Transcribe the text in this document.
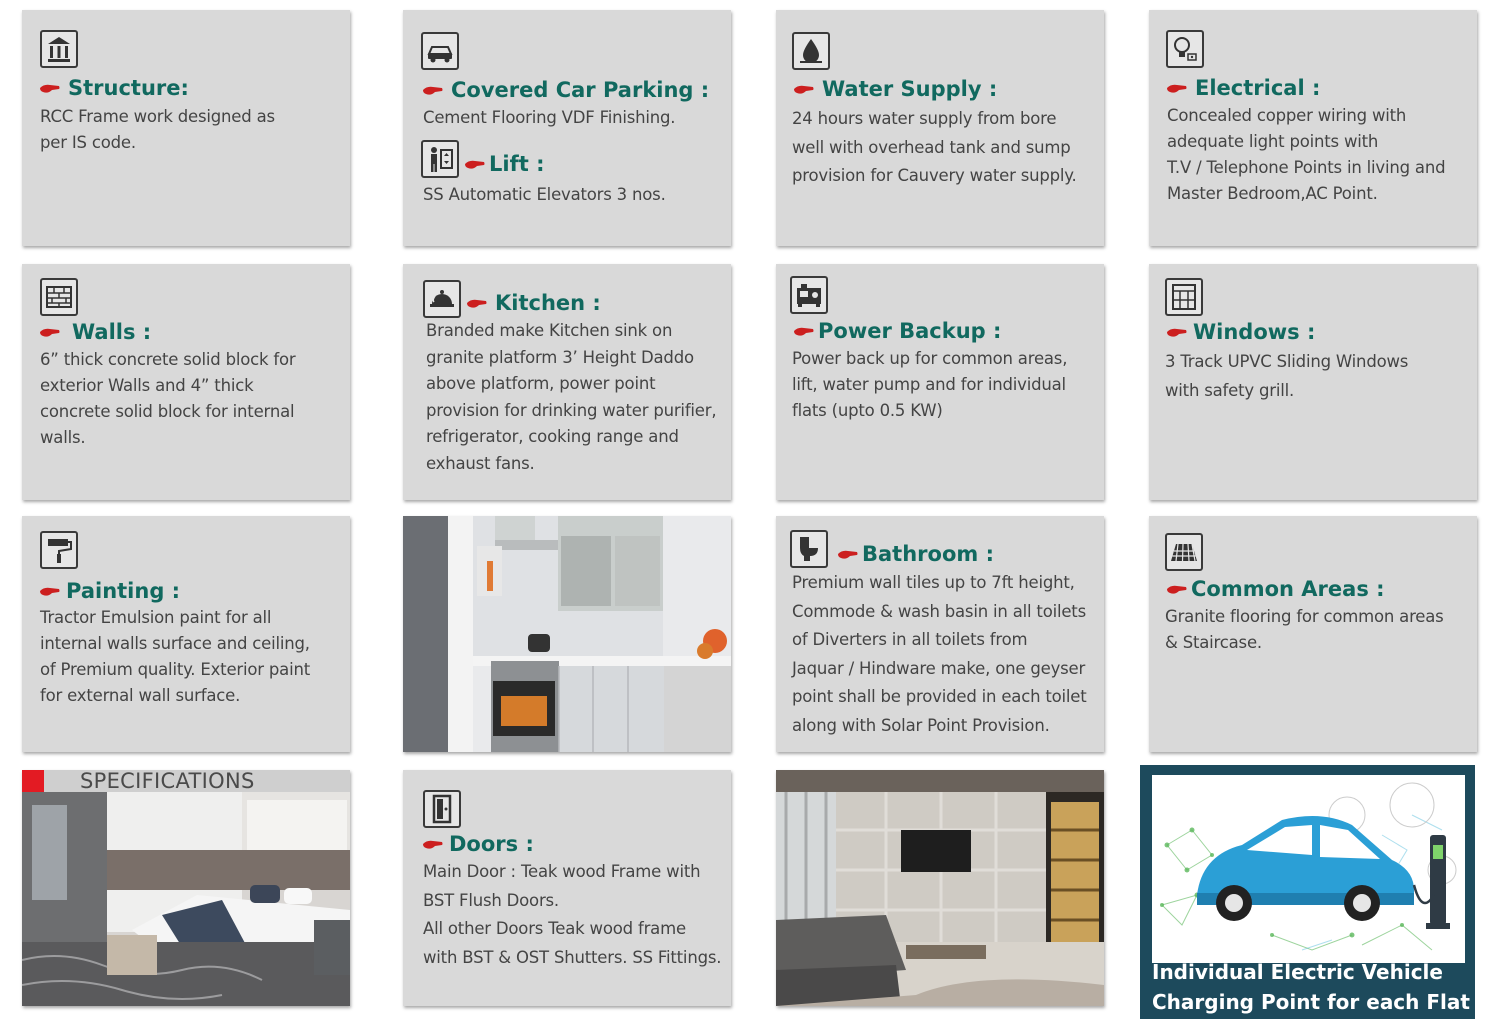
Structure:
RCC Frame work designed as
per IS code.
Covered Car Parking :
Cement Flooring VDF Finishing.
Lift :
SS Automatic Elevators 3 nos.
Water Supply :
24 hours water supply from bore
well with overhead tank and sump
provision for Cauvery water supply.
Electrical :
Concealed copper wiring with
adequate light points with
T.V / Telephone Points in living and
Master Bedroom,AC Point.
Walls :
6” thick concrete solid block for
exterior Walls and 4” thick
concrete solid block for internal
walls.
Kitchen :
Branded make Kitchen sink on
granite platform 3’ Height Daddo
above platform, power point
provision for drinking water purifier,
refrigerator, cooking range and
exhaust fans.
Power Backup :
Power back up for common areas,
lift, water pump and for individual
flats (upto 0.5 KW)
Windows :
3 Track UPVC Sliding Windows
with safety grill.
Painting :
Tractor Emulsion paint for all
internal walls surface and ceiling,
of Premium quality. Exterior paint
for external wall surface.
Bathroom :
Premium wall tiles up to 7ft height,
Commode & wash basin in all toilets
of Diverters in all toilets from
Jaquar / Hindware make, one geyser
point shall be provided in each toilet
along with Solar Point Provision.
Common Areas :
Granite flooring for common areas
& Staircase.
SPECIFICATIONS
Doors :
Main Door : Teak wood Frame with
BST Flush Doors.
All other Doors Teak wood frame
with BST & OST Shutters. SS Fittings.
Individual Electric Vehicle
Charging Point for each Flat
